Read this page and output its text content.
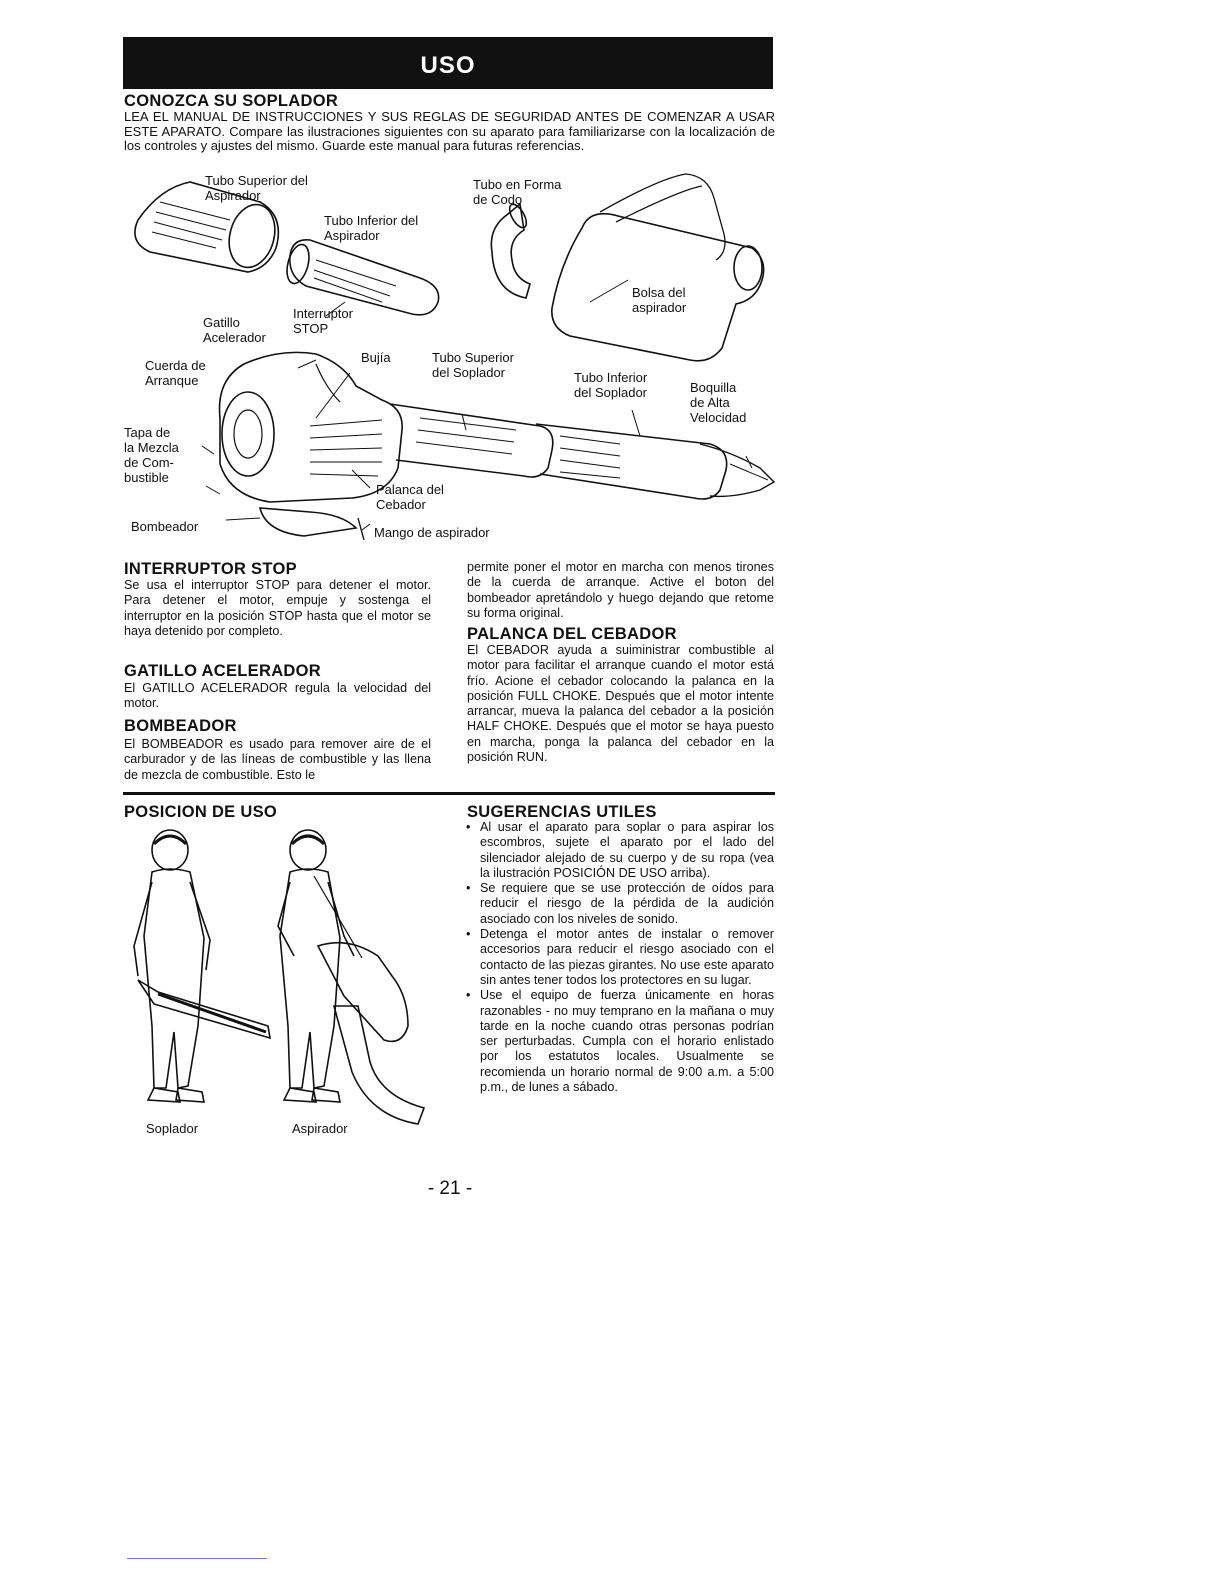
USO
CONOZCA SU SOPLADOR

LEA EL MANUAL DE INSTRUCCIONES Y SUS REGLAS DE SEGURIDAD ANTES DE COMENZAR A USAR ESTE APARATO. Compare las ilustraciones siguientes con su aparato para familiarizarse con la localización de los controles y ajustes del mismo. Guarde este manual para futuras referencias.

Tubo Superior del
Aspirador
Tubo Inferior del
Aspirador
Tubo en Forma
de Codo
Bolsa del
aspirador
Interruptor
STOP
Gatillo
Acelerador
Cuerda de
Arranque
Bujía	Tubo Superior
del Soplador	Tubo Inferior
del Soplador	Boquilla
de Alta
Velocidad
Tapa de
la Mezcla
de Com-
bustible
Palanca del
Cebador
Bombeador	Mango de aspirador
INTERRUPTOR STOP

Se usa el interruptor STOP para detener el motor. Para detener el motor, empuje y sostenga el interruptor en la posición STOP hasta que el motor se haya detenido por completo.

GATILLO ACELERADOR

El GATILLO ACELERADOR regula la velocidad del motor.

BOMBEADOR

El BOMBEADOR es usado para remover aire de el carburador y de las líneas de combustible y las llena de mezcla de combustible. Esto le

permite poner el motor en marcha con menos tirones de la cuerda de arranque. Active el boton del bombeador apretándolo y huego dejando que retome su forma original.

PALANCA DEL CEBADOR

El CEBADOR ayuda a suiministrar combustible al motor para facilitar el arranque cuando el motor está frío. Acione el cebador colocando la palanca en la posición FULL CHOKE. Después que el motor intente arrancar, mueva la palanca del cebador a la posición HALF CHOKE. Después que el motor se haya puesto en marcha, ponga la palanca del cebador en la posición RUN.

POSICION DE USO
Soplador	Aspirador
SUGERENCIAS UTILES
• Al usar el aparato para soplar o para aspirar los escombros, sujete el aparato por el lado del silenciador alejado de su cuerpo y de su ropa (vea la ilustración POSICIÓN DE USO arriba).
• Se requiere que se use protección de oídos para reducir el riesgo de la pérdida de la audición asociado con los niveles de sonido.
• Detenga el motor antes de instalar o remover accesorios para reducir el riesgo asociado con el contacto de las piezas girantes. No use este aparato sin antes tener todos los protectores en su lugar.
• Use el equipo de fuerza únicamente en horas razonables - no muy temprano en la mañana o muy tarde en la noche cuando otras personas podrían ser perturbadas. Cumpla con el horario enlistado por los estatutos locales. Usualmente se recomienda un horario normal de 9:00 a.m. a 5:00 p.m., de lunes a sábado.
- 21 -
